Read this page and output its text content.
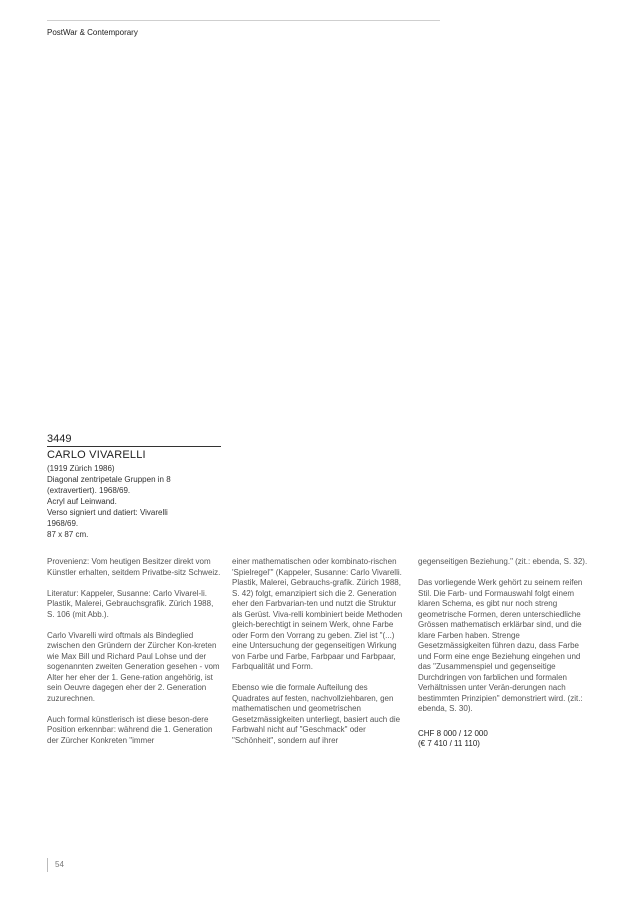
PostWar & Contemporary
3449
CARLO VIVARELLI
(1919 Zürich 1986)
Diagonal zentripetale Gruppen in 8
(extravertiert). 1968/69.
Acryl auf Leinwand.
Verso signiert und datiert: Vivarelli
1968/69.
87 x 87 cm.

Provenienz: Vom heutigen Besitzer direkt vom Künstler erhalten, seitdem Privatbe-sitz Schweiz.

Literatur: Kappeler, Susanne: Carlo Vivarel-li. Plastik, Malerei, Gebrauchsgrafik. Zürich 1988, S. 106 (mit Abb.).

Carlo Vivarelli wird oftmals als Bindeglied zwischen den Gründern der Zürcher Kon-kreten wie Max Bill und Richard Paul Lohse und der sogenannten zweiten Generation gesehen - vom Alter her eher der 1. Gene-ration angehörig, ist sein Oeuvre dagegen eher der 2. Generation zuzurechnen.

Auch formal künstlerisch ist diese beson-dere Position erkennbar: während die 1. Generation der Zürcher Konkreten "immer

einer mathematischen oder kombinato-rischen 'Spielregel'" (Kappeler, Susanne: Carlo Vivarelli. Plastik, Malerei, Gebrauchs-grafik. Zürich 1988, S. 42) folgt, emanzipiert sich die 2. Generation eher den Farbvarian-ten und nutzt die Struktur als Gerüst. Viva-relli kombiniert beide Methoden gleich-berechtigt in seinem Werk, ohne Farbe oder Form den Vorrang zu geben. Ziel ist "(...) eine Untersuchung der gegenseitigen Wirkung von Farbe und Farbe, Farbpaar und Farbpaar, Farbqualität und Form.

Ebenso wie die formale Aufteilung des Quadrates auf festen, nachvollziehbaren, gen mathematischen und geometrischen Gesetzmässigkeiten unterliegt, basiert auch die Farbwahl nicht auf "Geschmack" oder "Schönheit", sondern auf ihrer

gegenseitigen Beziehung." (zit.: ebenda, S. 32).

Das vorliegende Werk gehört zu seinem reifen Stil. Die Farb- und Formauswahl folgt einem klaren Schema, es gibt nur noch streng geometrische Formen, deren unterschiedliche Grössen mathematisch erklärbar sind, und die klare Farben haben. Strenge Gesetzmässigkeiten führen dazu, dass Farbe und Form eine enge Beziehung eingehen und das "Zusammenspiel und gegenseitige Durchdringen von farblichen und formalen Verhältnissen unter Verän-derungen nach bestimmten Prinzipien" demonstriert wird. (zit.: ebenda, S. 30).

CHF 8 000 / 12 000
(€ 7 410 / 11 110)
54
